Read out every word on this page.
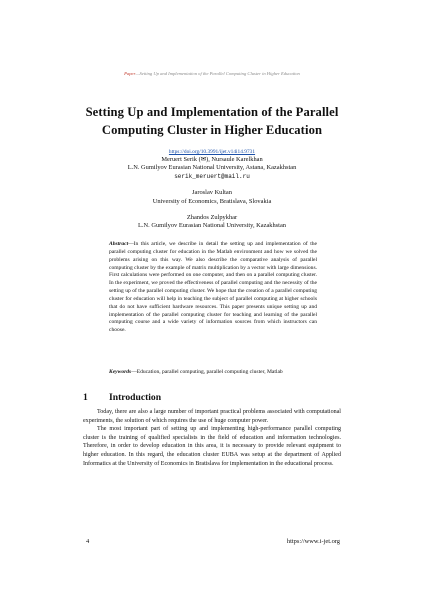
Paper—Setting Up and Implementation of the Parallel Computing Cluster in Higher Education
Setting Up and Implementation of the Parallel Computing Cluster in Higher Education
https://doi.org/10.3991/ijet.v14i14.9731
Meruert Serik (✉), Nursaule Karelkhan
L.N. Gumilyov Eurasian National University, Astana, Kazakhstan
serik_meruert@mail.ru
Jaroslav Kultan
University of Economics, Bratislava, Slovakia
Zhandos Zulpykhar
L.N. Gumilyov Eurasian National University, Kazakhstan
Abstract—In this article, we describe in detail the setting up and implementation of the parallel computing cluster for education in the Matlab environment and how we solved the problems arising on this way. We also describe the comparative analysis of parallel computing cluster by the example of matrix multiplication by a vector with large dimensions. First calculations were performed on one computer, and then on a parallel computing cluster. In the experiment, we proved the effectiveness of parallel computing and the necessity of the setting up of the parallel computing cluster. We hope that the creation of a parallel computing cluster for education will help in teaching the subject of parallel computing at higher schools that do not have sufficient hardware resources. This paper presents unique setting up and implementation of the parallel computing cluster for teaching and learning of the parallel computing course and a wide variety of information sources from which instructors can choose.
Keywords—Education, parallel computing, parallel computing cluster, Matlab
1 Introduction

Today, there are also a large number of important practical problems associated with computational experiments, the solution of which requires the use of huge computer power.

The most important part of setting up and implementing high-performance parallel computing cluster is the training of qualified specialists in the field of education and information technologies. Therefore, in order to develop education in this area, it is necessary to provide relevant equipment to higher education. In this regard, the education cluster EUBA was setup at the department of Applied Informatics at the University of Economics in Bratislava for implementation in the educational process.

4	https://www.i-jet.org
